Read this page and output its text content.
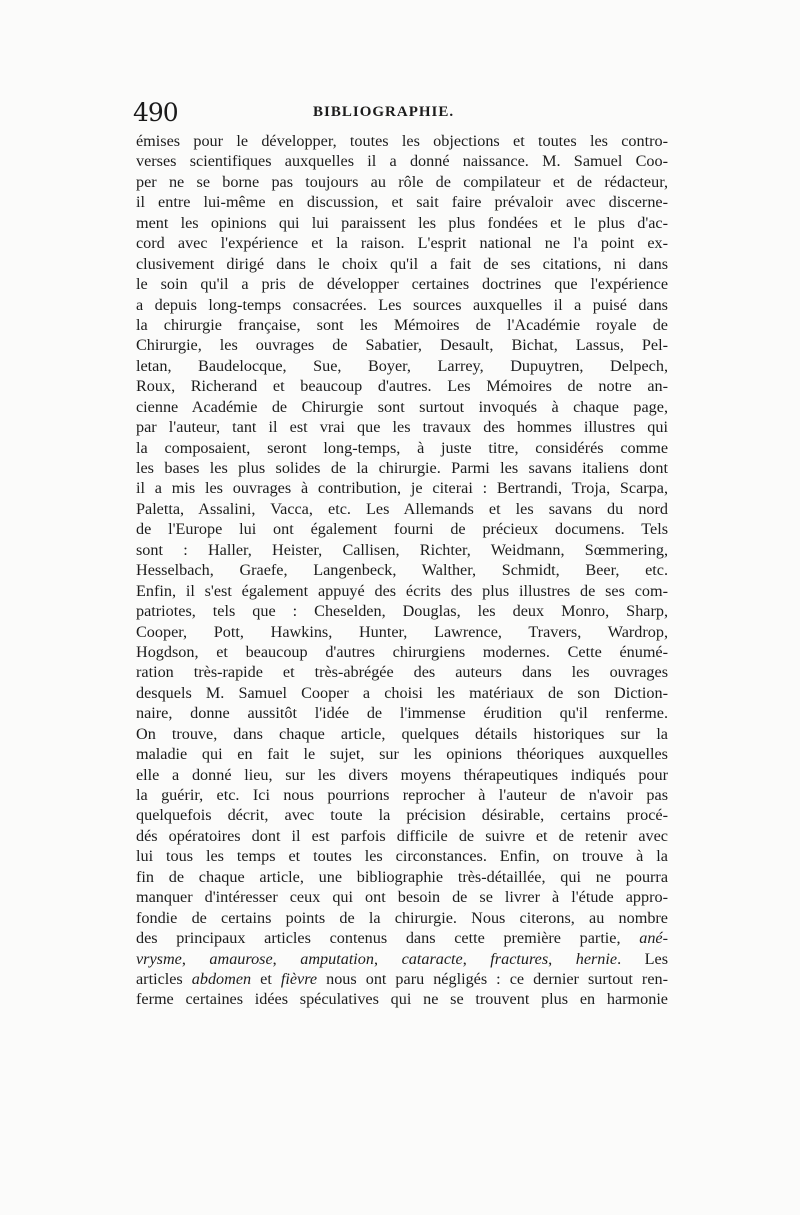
490	BIBLIOGRAPHIE.
émises pour le développer, toutes les objections et toutes les contro-
verses scientifiques auxquelles il a donné naissance. M. Samuel Coo-
per ne se borne pas toujours au rôle de compilateur et de rédacteur,
il entre lui-même en discussion, et sait faire prévaloir avec discerne-
ment les opinions qui lui paraissent les plus fondées et le plus d'ac-
cord avec l'expérience et la raison. L'esprit national ne l'a point ex-
clusivement dirigé dans le choix qu'il a fait de ses citations, ni dans
le soin qu'il a pris de développer certaines doctrines que l'expérience
a depuis long-temps consacrées. Les sources auxquelles il a puisé dans
la chirurgie française, sont les Mémoires de l'Académie royale de
Chirurgie, les ouvrages de Sabatier, Desault, Bichat, Lassus, Pel-
letan, Baudelocque, Sue, Boyer, Larrey, Dupuytren, Delpech,
Roux, Richerand et beaucoup d'autres. Les Mémoires de notre an-
cienne Académie de Chirurgie sont surtout invoqués à chaque page,
par l'auteur, tant il est vrai que les travaux des hommes illustres qui
la composaient, seront long-temps, à juste titre, considérés comme
les bases les plus solides de la chirurgie. Parmi les savans italiens dont
il a mis les ouvrages à contribution, je citerai : Bertrandi, Troja, Scarpa,
Paletta, Assalini, Vacca, etc. Les Allemands et les savans du nord
de l'Europe lui ont également fourni de précieux documens. Tels
sont : Haller, Heister, Callisen, Richter, Weidmann, Sœmmering,
Hesselbach, Graefe, Langenbeck, Walther, Schmidt, Beer, etc.
Enfin, il s'est également appuyé des écrits des plus illustres de ses com-
patriotes, tels que : Cheselden, Douglas, les deux Monro, Sharp,
Cooper, Pott, Hawkins, Hunter, Lawrence, Travers, Wardrop,
Hogdson, et beaucoup d'autres chirurgiens modernes. Cette énumé-
ration très-rapide et très-abrégée des auteurs dans les ouvrages
desquels M. Samuel Cooper a choisi les matériaux de son Diction-
naire, donne aussitôt l'idée de l'immense érudition qu'il renferme.
On trouve, dans chaque article, quelques détails historiques sur la
maladie qui en fait le sujet, sur les opinions théoriques auxquelles
elle a donné lieu, sur les divers moyens thérapeutiques indiqués pour
la guérir, etc. Ici nous pourrions reprocher à l'auteur de n'avoir pas
quelquefois décrit, avec toute la précision désirable, certains procé-
dés opératoires dont il est parfois difficile de suivre et de retenir avec
lui tous les temps et toutes les circonstances. Enfin, on trouve à la
fin de chaque article, une bibliographie très-détaillée, qui ne pourra
manquer d'intéresser ceux qui ont besoin de se livrer à l'étude appro-
fondie de certains points de la chirurgie. Nous citerons, au nombre
des principaux articles contenus dans cette première partie, ané-
vrysme, amaurose, amputation, cataracte, fractures, hernie. Les
articles abdomen et fièvre nous ont paru négligés : ce dernier surtout ren-
ferme certaines idées spéculatives qui ne se trouvent plus en harmonie
